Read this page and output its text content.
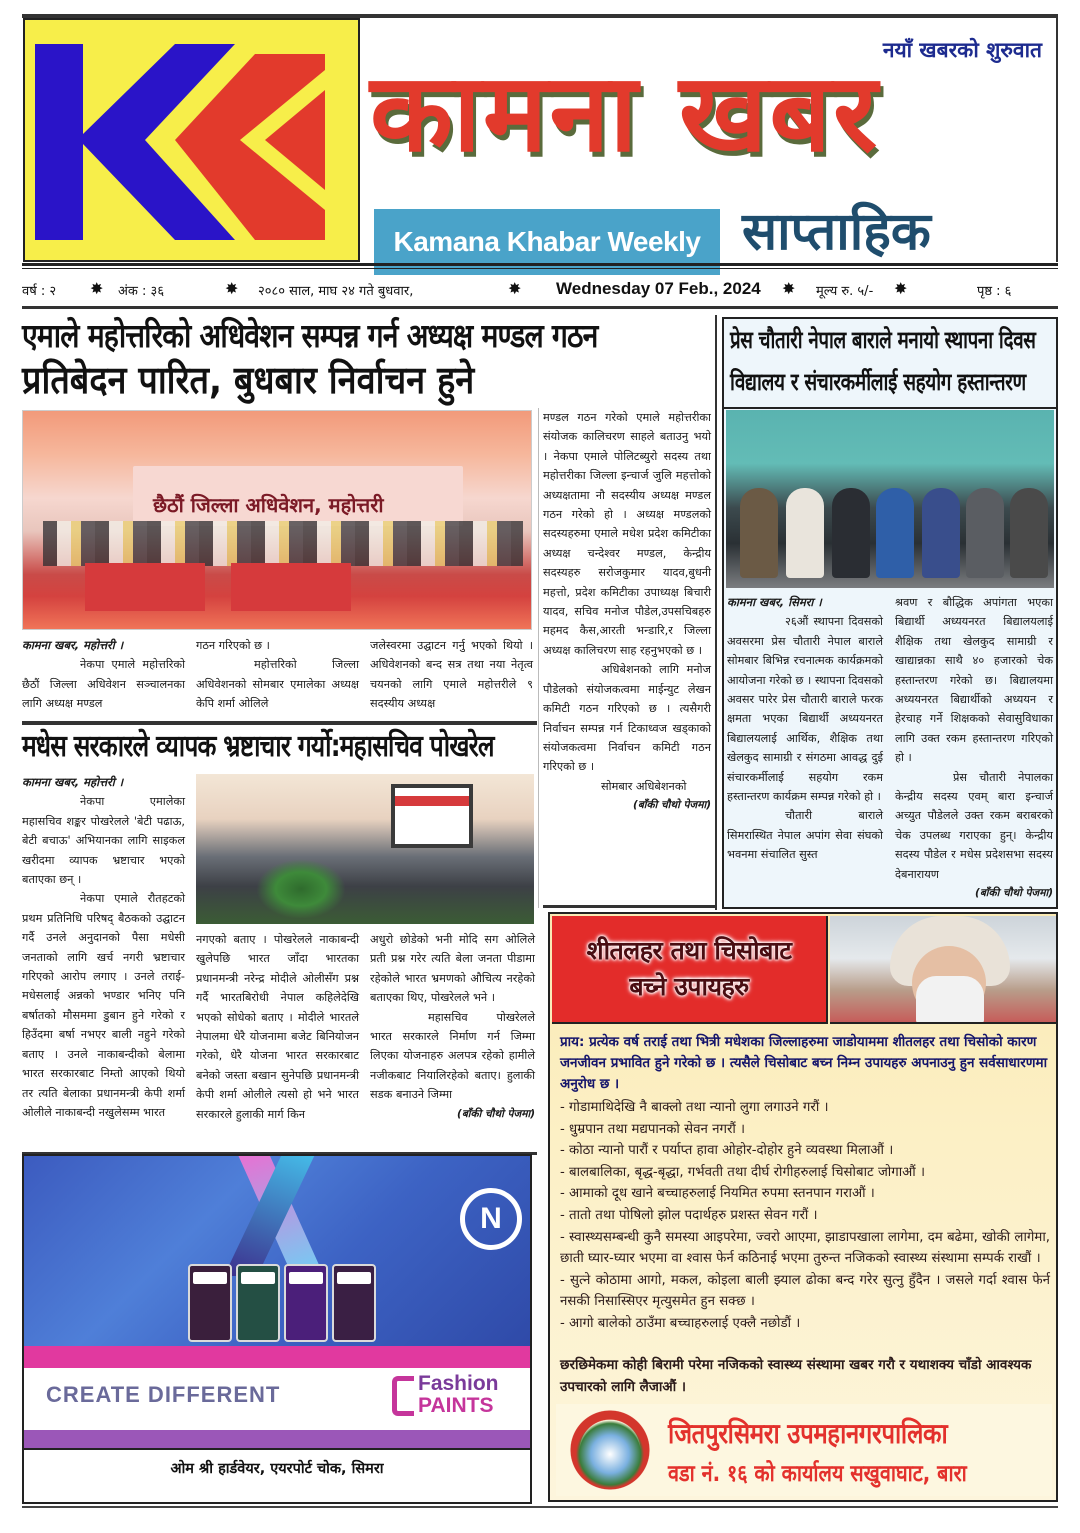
नयाँ खबरको शुरुवात
कामना खबर
Kamana Khabar Weekly साप्ताहिक
वर्ष : २ ✸ अंक : ३६	✸ २०८० साल, माघ २४ गते बुधवार,	✸ Wednesday 07 Feb., 2024 ✸ मूल्य रु. ५/- ✸	पृष्ठ : ६
एमाले महोत्तरिको अधिवेशन सम्पन्न गर्न अध्यक्ष मण्डल गठन
प्रतिबेदन पारित, बुधबार निर्वाचन हुने
छैठौं जिल्ला अधिवेशन, महोत्तरी

कामना खबर, महोत्तरी ।

नेकपा एमाले महोत्तरिको छैठौं जिल्ला अधिवेशन सञ्चालनका लागि अध्यक्ष मण्डल

गठन गरिएको छ ।

महोत्तरिको जिल्ला अधिवेशनको सोमबार एमालेका अध्यक्ष केपि शर्मा ओलिले

जलेस्वरमा उद्घाटन गर्नु भएको थियो । अधिवेशनको बन्द सत्र तथा नया नेतृत्व चयनको लागि एमाले महोत्तरीले ९ सदस्यीय अध्यक्ष

मण्डल गठन गरेको एमाले महोत्तरीका संयोजक कालिचरण साहले बताउनु भयो । नेकपा एमाले पोलिटब्युरो सदस्य तथा महोत्तरीका जिल्ला इन्चार्ज जुलि महत्तोको अध्यक्षतामा नौ सदस्यीय अध्यक्ष मण्डल गठन गरेको हो । अध्यक्ष मण्डलको सदस्यहरुमा एमाले मधेश प्रदेश कमिटीका अध्यक्ष चन्देश्वर मण्डल, केन्द्रीय सदस्यहरु सरोजकुमार यादव,बुधनी महत्तो, प्रदेश कमिटीका उपाध्यक्ष बिचारी यादव, सचिव मनोज पौडेल,उपसचिबहरु महमद कैस,आरती भन्डारि,र जिल्ला अध्यक्ष कालिचरण साह रहनुभएको छ ।

अधिबेशनको लागि मनोज पौडेलको संयोजकत्वमा माईन्युट लेखन कमिटी गठन गरिएको छ । त्यसैगरी निर्वाचन सम्पन्न गर्न टिकाध्वज खड्काको संयोजकत्वमा निर्वाचन कमिटी गठन गरिएको छ ।

सोमबार अधिबेशनको

(बाँकी चौथो पेजमा)

मधेस सरकारले व्यापक भ्रष्टाचार गर्यो:महासचिव पोखरेल

कामना खबर, महोत्तरी ।

नेकपा एमालेका महासचिव शङ्कर पोखरेलले 'बेटी पढाऊ, बेटी बचाऊ' अभियानका लागि साइकल खरीदमा व्यापक भ्रष्टाचार भएको बताएका छन् ।

नेकपा एमाले रौतहटको प्रथम प्रतिनिधि परिषद् बैठकको उद्घाटन गर्दै उनले अनुदानको पैसा मधेसी जनताको लागि खर्च नगरी भ्रष्टाचार गरिएको आरोप लगाए । उनले तराई-मधेसलाई अन्नको भण्डार भनिए पनि बर्षातको मौसममा डुबान हुने गरेको र हिउँदमा बर्षा नभएर बाली नहुने गरेको बताए । उनले नाकाबन्दीको बेलामा भारत सरकारबाट निम्तो आएको थियो तर त्यति बेलाका प्रधानमन्त्री केपी शर्मा ओलीले नाकाबन्दी नखुलेसम्म भारत

नगएको बताए । पोखरेलले नाकाबन्दी खुलेपछि भारत जाँदा भारतका प्रधानमन्त्री नरेन्द्र मोदीले ओलीसँग प्रश्न गर्दै भारतबिरोधी नेपाल कहिलेदेखि भएको सोधेको बताए । मोदीले भारतले नेपालमा धेरै योजनामा बजेट बिनियोजन गरेको, धेरै योजना भारत सरकारबाट बनेको जस्ता बखान सुनेपछि प्रधानमन्त्री केपी शर्मा ओलीले त्यसो हो भने भारत सरकारले हुलाकी मार्ग किन

अधुरो छोडेको भनी मोदि सग ओलिले प्रती प्रश्न गरेर त्यति बेला जनता पीडामा रहेकोले भारत भ्रमणको औचित्य नरहेको बताएका थिए, पोखरेलले भने ।

महासचिव पोखरेलले भारत सरकारले निर्माण गर्न जिम्मा लिएका योजनाहरु अलपत्र रहेको हामीले नजीकबाट नियालिरहेको बताए। हुलाकी सडक बनाउने जिम्मा

(बाँकी चौथो पेजमा)

प्रेस चौतारी नेपाल बाराले मनायो स्थापना दिवस
विद्यालय र संचारकर्मीलाई सहयोग हस्तान्तरण

कामना खबर, सिमरा ।

२६औं स्थापना दिवसको अवसरमा प्रेस चौतारी नेपाल बाराले सोमबार बिभिन्न रचनात्मक कार्यक्रमको आयोजना गरेको छ । स्थापना दिवसको अवसर पारेर प्रेस चौतारी बाराले फरक क्षमता भएका बिद्यार्थी अध्ययनरत बिद्यालयलाई आर्थिक, शैक्षिक तथा खेलकुद सामाग्री र संगठमा आवद्ध दुई संचारकर्मीलाई सहयोग रकम हस्तान्तरण कार्यक्रम सम्पन्न गरेको हो ।

चौतारी बाराले सिमरास्थित नेपाल अपांग सेवा संघको भवनमा संचालित सुस्त

श्रवण र बौद्धिक अपांगता भएका बिद्यार्थी अध्ययनरत बिद्यालयलाई शैक्षिक तथा खेलकुद सामाग्री र खाद्यान्नका साथै ४० हजारको चेक हस्तान्तरण गरेको छ। बिद्यालयमा अध्ययनरत बिद्यार्थीको अध्ययन र हेरचाह गर्ने शिक्षकको सेवासुविधाका लागि उक्त रकम हस्तान्तरण गरिएको हो ।

प्रेस चौतारी नेपालका केन्द्रीय सदस्य एवम् बारा इन्चार्ज अच्युत पौडेलले उक्त रकम बराबरको चेक उपलब्ध गराएका हुन्। केन्द्रीय सदस्य पौडेल र मधेस प्रदेशसभा सदस्य देबनारायण

(बाँकी चौथो पेजमा)

शीतलहर तथा चिसोबाट
बच्ने उपायहरु
प्राय: प्रत्येक वर्ष तराई तथा भित्री मधेशका जिल्लाहरुमा जाडोयाममा शीतलहर तथा चिसोको कारण जनजीवन प्रभावित हुने गरेको छ । त्यसैले चिसोबाट बच्न निम्न उपायहरु अपनाउनु हुन सर्वसाधारणमा अनुरोध छ ।
- गोडामाथिदेखि नै बाक्लो तथा न्यानो लुगा लगाउने गरौं ।
- धुम्रपान तथा मद्यपानको सेवन नगरौं ।
- कोठा न्यानो पारौं र पर्याप्त हावा ओहोर-दोहोर हुने व्यवस्था मिलाऔं ।
- बालबालिका, बृद्ध-बृद्धा, गर्भवती तथा दीर्घ रोगीहरुलाई चिसोबाट जोगाऔं ।
- आमाको दूध खाने बच्चाहरुलाई नियमित रुपमा स्तनपान गराऔं ।
- तातो तथा पोषिलो झोल पदार्थहरु प्रशस्त सेवन गरौं ।
- स्वास्थ्यसम्बन्धी कुनै समस्या आइपरेमा, ज्वरो आएमा, झाडापखाला लागेमा, दम बढेमा, खोकी लागेमा, छाती घ्यार-घ्यार भएमा वा श्वास फेर्न कठिनाई भएमा तुरुन्त नजिकको स्वास्थ्य संस्थामा सम्पर्क राखौं ।
- सुत्ने कोठामा आगो, मकल, कोइला बाली झ्याल ढोका बन्द गरेर सुत्नु हुँदैन । जसले गर्दा श्वास फेर्न नसकी निसास्सिएर मृत्युसमेत हुन सक्छ ।
- आगो बालेको ठाउँमा बच्चाहरुलाई एक्लै नछोडौं ।
छरछिमेकमा कोही बिरामी परेमा नजिकको स्वास्थ्य संस्थामा खबर गरौ र यथाशक्य चाँडो आवश्यक उपचारको लागि लैजाऔं ।
जितपुरसिमरा उपमहानगरपालिका
वडा नं. १६ को कार्यालय सखुवाघाट, बारा
N
CREATE DIFFERENT	Fashion
PAINTS
ओम श्री हार्डवेयर, एयरपोर्ट चोक, सिमरा
